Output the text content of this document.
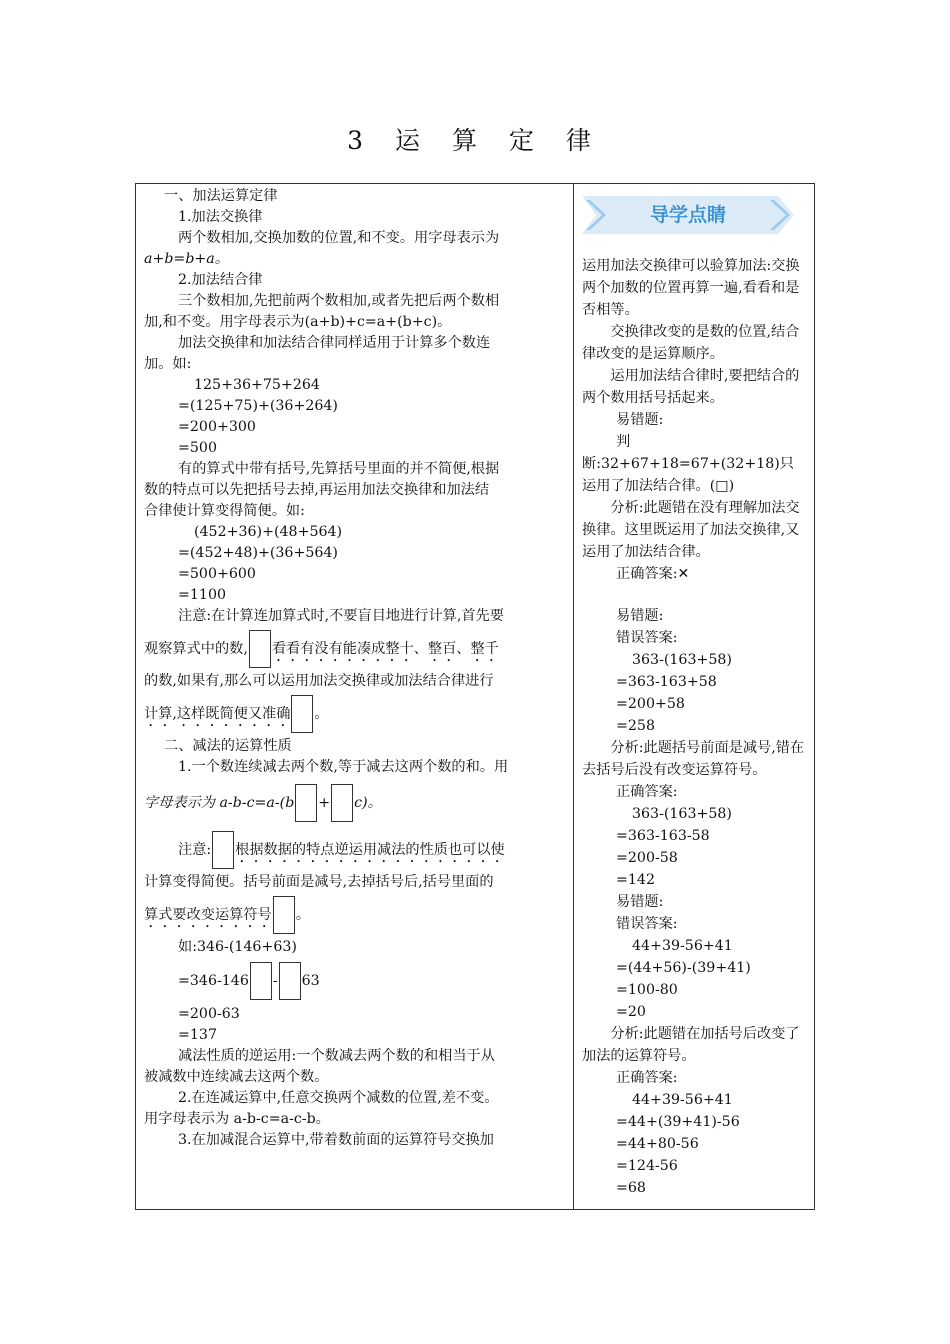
3 运 算 定 律
一、加法运算定律
1.加法交换律
两个数相加,交换加数的位置,和不变。用字母表示为
a+b=b+a。
2.加法结合律
三个数相加,先把前两个数相加,或者先把后两个数相
加,和不变。用字母表示为(a+b)+c=a+(b+c)。
加法交换律和加法结合律同样适用于计算多个数连
加。如:
125+36+75+264
=(125+75)+(36+264)
=200+300
=500
有的算式中带有括号,先算括号里面的并不简便,根据
数的特点可以先把括号去掉,再运用加法交换律和加法结
合律使计算变得简便。如:
(452+36)+(48+564)
=(452+48)+(36+564)
=500+600
=1100
注意:在计算连加算式时,不要盲目地进行计算,首先要
观察算式中的数, 看看有没有能凑成整十、整百、整千
的数,如果有,那么可以运用加法交换律或加法结合律进行
计算,这样既简便又准确 。
二、减法的运算性质
1.一个数连续减去两个数,等于减去这两个数的和。用
字母表示为 a-b-c=a-(b + c)。
注意: 根据数据的特点逆运用减法的性质也可以使
计算变得简便。括号前面是减号,去掉括号后,括号里面的
算式要改变运算符号 。
如:346-(146+63)
=346-146 - 63
=200-63
=137
减法性质的逆运用:一个数减去两个数的和相当于从
被减数中连续减去这两个数。
2.在连减运算中,任意交换两个减数的位置,差不变。
用字母表示为 a-b-c=a-c-b。
3.在加减混合运算中,带着数前面的运算符号交换加
导学点睛
运用加法交换律可以验算加法:交换两个加数的位置再算一遍,看看和是否相等。
交换律改变的是数的位置,结合律改变的是运算顺序。
运用加法结合律时,要把结合的两个数用括号括起来。
易错题:
判
断:32+67+18=67+(32+18)只运用了加法结合律。(□)
分析:此题错在没有理解加法交换律。这里既运用了加法交换律,又运用了加法结合律。
正确答案:✕
易错题:
错误答案:
363-(163+58)
=363-163+58
=200+58
=258
分析:此题括号前面是减号,错在去括号后没有改变运算符号。
正确答案:
363-(163+58)
=363-163-58
=200-58
=142
易错题:
错误答案:
44+39-56+41
=(44+56)-(39+41)
=100-80
=20
分析:此题错在加括号后改变了加法的运算符号。
正确答案:
44+39-56+41
=44+(39+41)-56
=44+80-56
=124-56
=68
